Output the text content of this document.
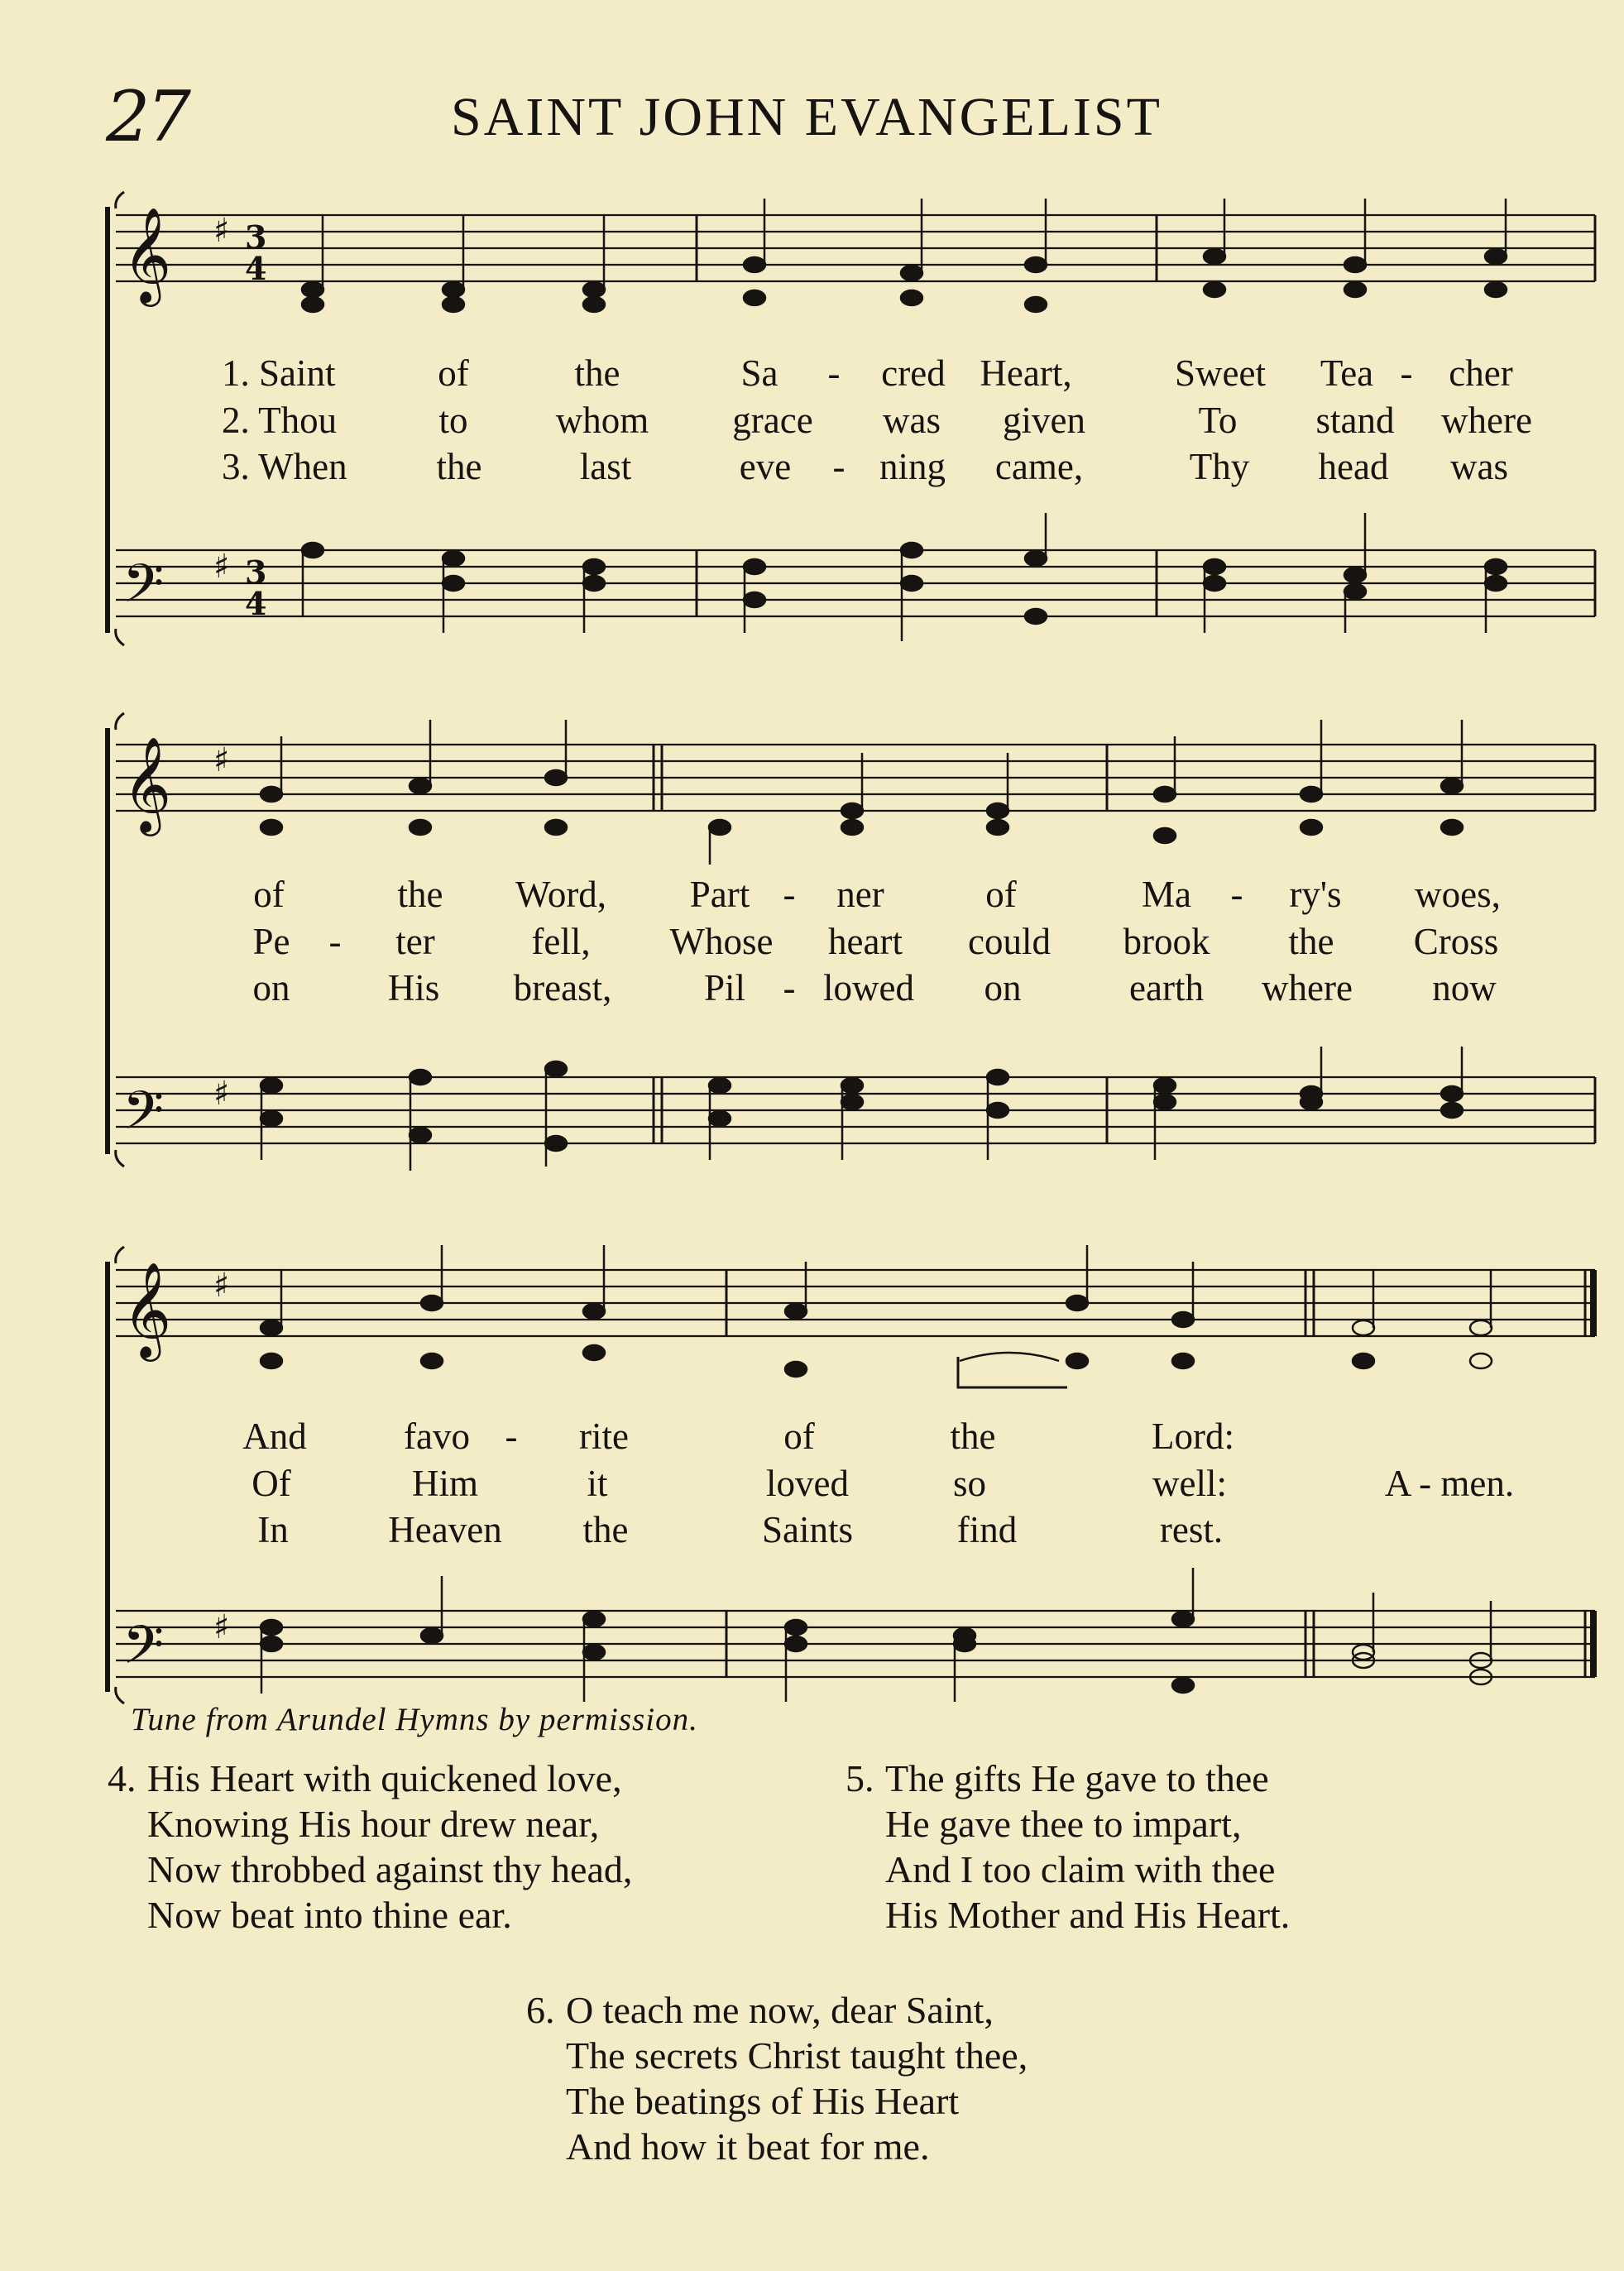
27	SAINT JOHN EVANGELIST
𝄞
𝄢
♯
♯
3
4
3
4
1. Saint	of	the	Sa - cred Heart,	Sweet Tea - cher
2. Thou	to whom grace was given	To stand where
3. When the	last	eve - ning came,	Thy head was
𝄞
𝄢
♯
♯
of	the Word, Part - ner	of	Ma - ry's woes,
Pe - ter	fell, Whose heart could brook the Cross
on	His breast, Pil - lowed on	earth where now
𝄞
𝄢
♯
♯
And	favo - rite	of	the	Lord:
Of	Him	it	loved	so	well:	A - men.
In	Heaven the	Saints	find	rest.
Tune from Arundel Hymns by permission.
4. His Heart with quickened love,
Knowing His hour drew near,
Now throbbed against thy head,
Now beat into thine ear.
5. The gifts He gave to thee
He gave thee to impart,
And I too claim with thee
His Mother and His Heart.
6. O teach me now, dear Saint,
The secrets Christ taught thee,
The beatings of His Heart
And how it beat for me.
